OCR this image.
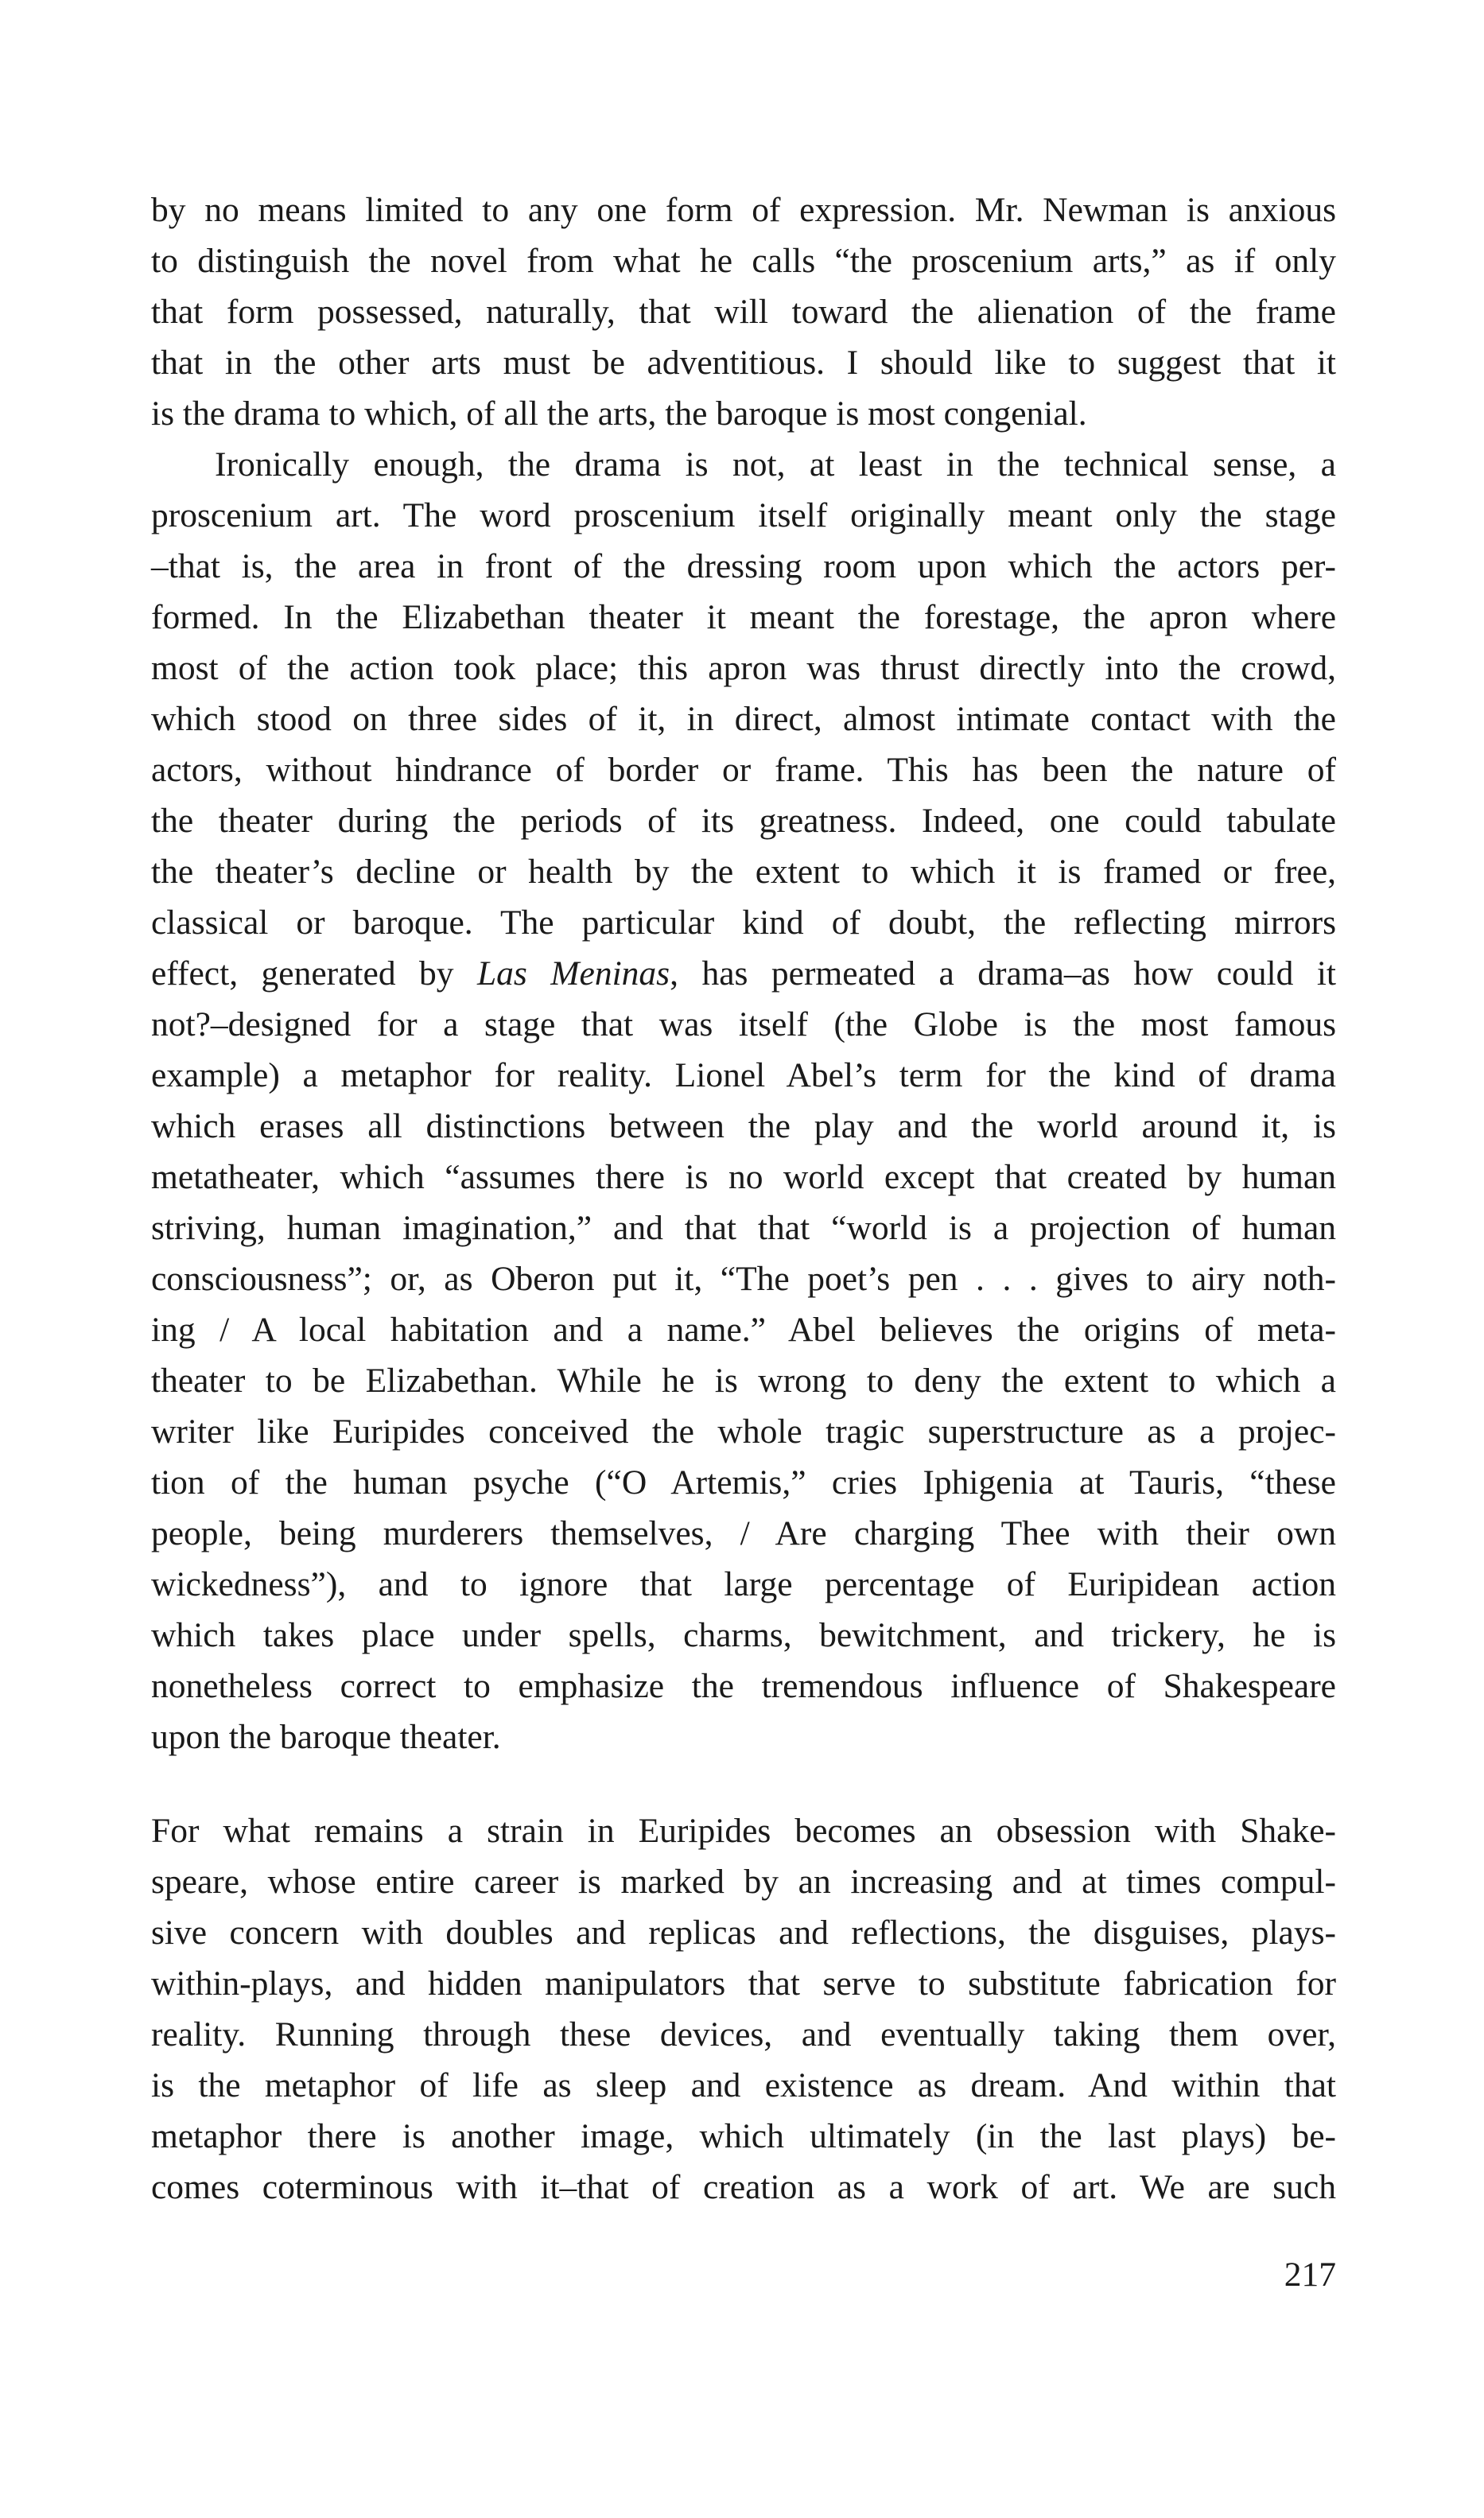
by no means limited to any one form of expression. Mr. Newman is anxious
to distinguish the novel from what he calls “the proscenium arts,” as if only
that form possessed, naturally, that will toward the alienation of the frame
that in the other arts must be adventitious. I should like to suggest that it
is the drama to which, of all the arts, the baroque is most congenial.
Ironically enough, the drama is not, at least in the technical sense, a
proscenium art. The word proscenium itself originally meant only the stage
–that is, the area in front of the dressing room upon which the actors per-
formed. In the Elizabethan theater it meant the forestage, the apron where
most of the action took place; this apron was thrust directly into the crowd,
which stood on three sides of it, in direct, almost intimate contact with the
actors, without hindrance of border or frame. This has been the nature of
the theater during the periods of its greatness. Indeed, one could tabulate
the theater’s decline or health by the extent to which it is framed or free,
classical or baroque. The particular kind of doubt, the reflecting mirrors
effect, generated by Las Meninas, has permeated a drama–as how could it
not?–designed for a stage that was itself (the Globe is the most famous
example) a metaphor for reality. Lionel Abel’s term for the kind of drama
which erases all distinctions between the play and the world around it, is
metatheater, which “assumes there is no world except that created by human
striving, human imagination,” and that that “world is a projection of human
consciousness”; or, as Oberon put it, “The poet’s pen . . . gives to airy noth-
ing / A local habitation and a name.” Abel believes the origins of meta-
theater to be Elizabethan. While he is wrong to deny the extent to which a
writer like Euripides conceived the whole tragic superstructure as a projec-
tion of the human psyche (“O Artemis,” cries Iphigenia at Tauris, “these
people, being murderers themselves, / Are charging Thee with their own
wickedness”), and to ignore that large percentage of Euripidean action
which takes place under spells, charms, bewitchment, and trickery, he is
nonetheless correct to emphasize the tremendous influence of Shakespeare
upon the baroque theater.
For what remains a strain in Euripides becomes an obsession with Shake-
speare, whose entire career is marked by an increasing and at times compul-
sive concern with doubles and replicas and reflections, the disguises, plays-
within-plays, and hidden manipulators that serve to substitute fabrication for
reality. Running through these devices, and eventually taking them over,
is the metaphor of life as sleep and existence as dream. And within that
metaphor there is another image, which ultimately (in the last plays) be-
comes coterminous with it–that of creation as a work of art. We are such
217
